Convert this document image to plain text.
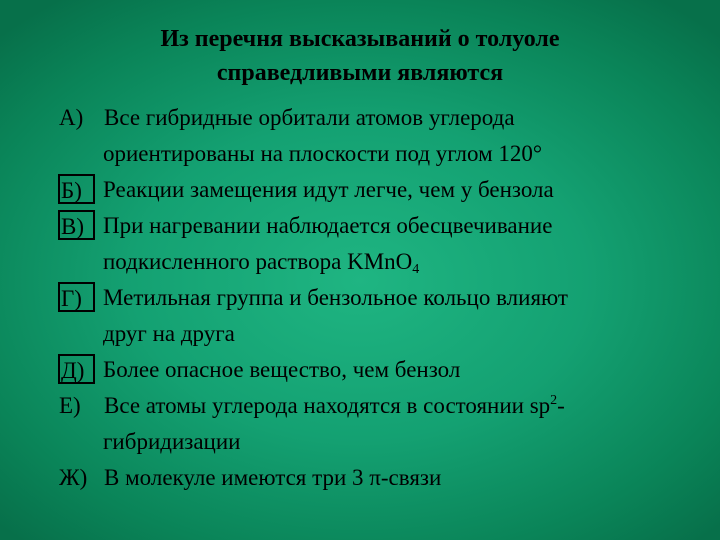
Из перечня высказываний о толуоле
справедливыми являются
А) Все гибридные орбитали атомов углерода
ориентированы на плоскости под углом 120°
Б) Реакции замещения идут легче, чем у бензола
В) При нагревании наблюдается обесцвечивание
подкисленного раствора KMnO$_4$
Г) Метильная группа и бензольное кольцо влияют
друг на друга
Д) Более опасное вещество, чем бензол
Е)	Все атомы углерода находятся в состоянии $sp^2-$
гибридизации
Ж) В молекуле имеются три 3 π-связи
